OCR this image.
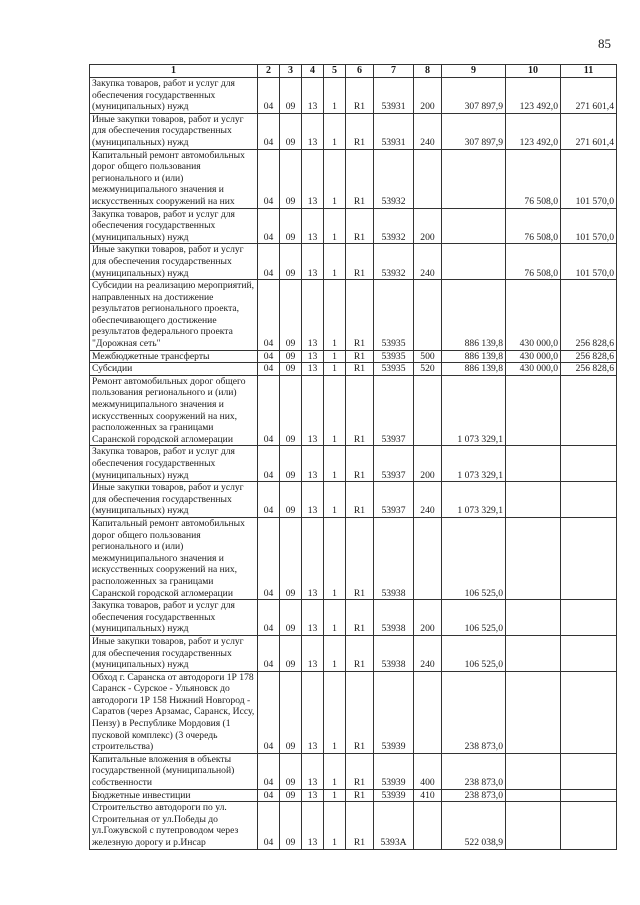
85
1	2	3	4	5	6	7	8	9	10	11
Закупка товаров, работ и услуг для обеспечения государственных (муниципальных) нужд	04	09	13	1	R1	53931	200	307 897,9	123 492,0	271 601,4
Иные закупки товаров, работ и услуг для обеспечения государственных (муниципальных) нужд	04	09	13	1	R1	53931	240	307 897,9	123 492,0	271 601,4
Капитальный ремонт автомобильных дорог общего пользования регионального и (или) межмуниципального значения и искусственных сооружений на них	04	09	13	1	R1	53932			76 508,0	101 570,0
Закупка товаров, работ и услуг для обеспечения государственных (муниципальных) нужд	04	09	13	1	R1	53932	200		76 508,0	101 570,0
Иные закупки товаров, работ и услуг для обеспечения государственных (муниципальных) нужд	04	09	13	1	R1	53932	240		76 508,0	101 570,0
Субсидии на реализацию мероприятий, направленных на достижение результатов регионального проекта, обеспечивающего достижение результатов федерального проекта "Дорожная сеть"	04	09	13	1	R1	53935		886 139,8	430 000,0	256 828,6
Межбюджетные трансферты	04	09	13	1	R1	53935	500	886 139,8	430 000,0	256 828,6
Субсидии	04	09	13	1	R1	53935	520	886 139,8	430 000,0	256 828,6
Ремонт автомобильных дорог общего пользования регионального и (или) межмуниципального значения и искусственных сооружений на них, расположенных за границами Саранской городской агломерации	04	09	13	1	R1	53937		1 073 329,1		
Закупка товаров, работ и услуг для обеспечения государственных (муниципальных) нужд	04	09	13	1	R1	53937	200	1 073 329,1		
Иные закупки товаров, работ и услуг для обеспечения государственных (муниципальных) нужд	04	09	13	1	R1	53937	240	1 073 329,1		
Капитальный ремонт автомобильных дорог общего пользования регионального и (или) межмуниципального значения и искусственных сооружений на них, расположенных за границами Саранской городской агломерации	04	09	13	1	R1	53938		106 525,0		
Закупка товаров, работ и услуг для обеспечения государственных (муниципальных) нужд	04	09	13	1	R1	53938	200	106 525,0		
Иные закупки товаров, работ и услуг для обеспечения государственных (муниципальных) нужд	04	09	13	1	R1	53938	240	106 525,0		
Обход г. Саранска от автодороги 1Р 178 Саранск - Сурское - Ульяновск до автодороги 1Р 158 Нижний Новгород - Саратов (через Арзамас, Саранск, Иссу, Пензу) в Республике Мордовия (1 пусковой комплекс) (3 очередь строительства)	04	09	13	1	R1	53939		238 873,0		
Капитальные вложения в объекты государственной (муниципальной) собственности	04	09	13	1	R1	53939	400	238 873,0		
Бюджетные инвестиции	04	09	13	1	R1	53939	410	238 873,0		
Строительство автодороги по ул. Строительная от ул.Победы до ул.Гожувской с путепроводом через железную дорогу и р.Инсар	04	09	13	1	R1	5393А		522 038,9		
